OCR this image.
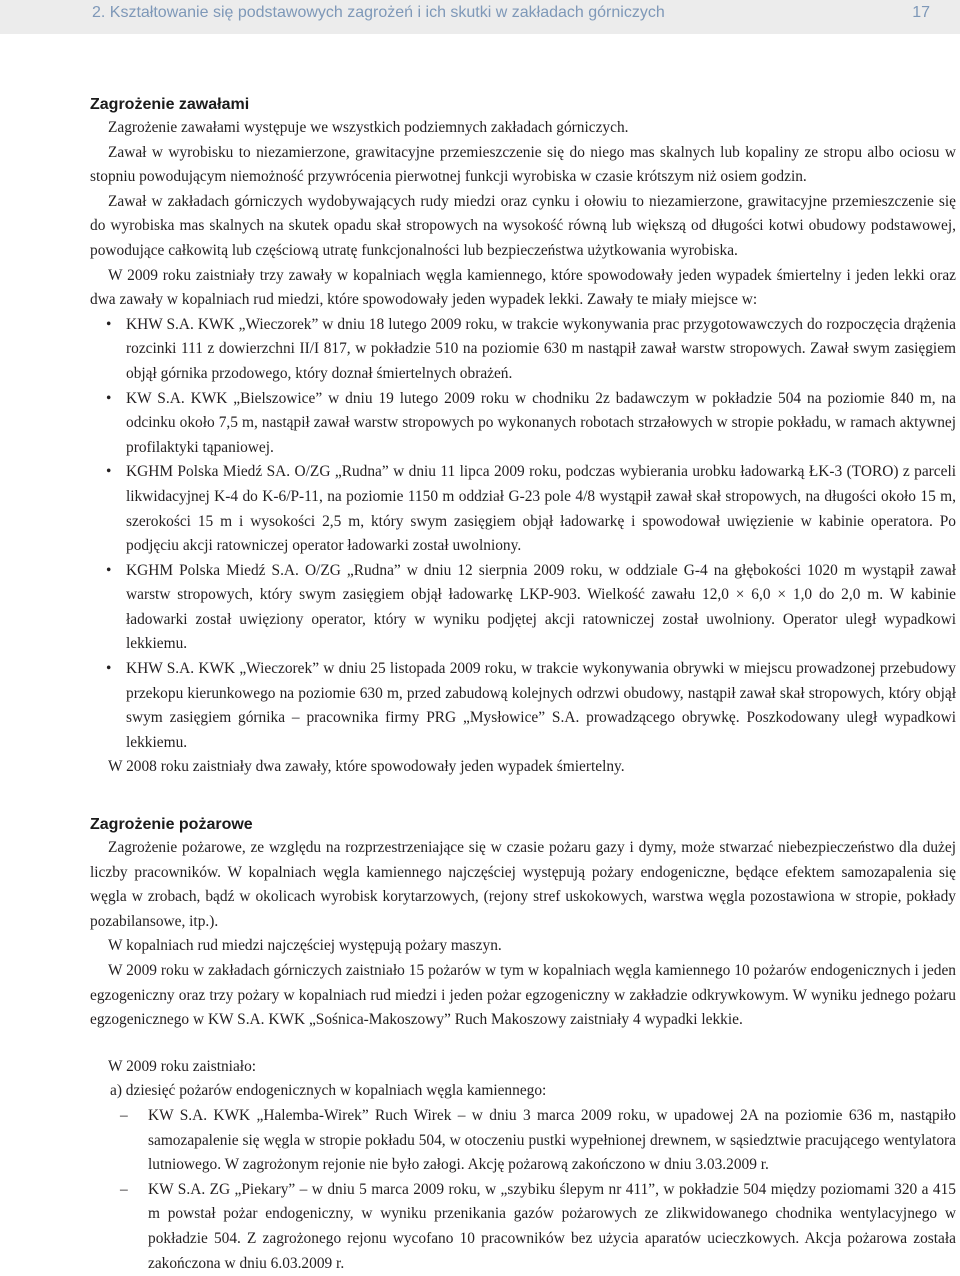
2. Kształtowanie się podstawowych zagrożeń i ich skutki w zakładach górniczych	17
Zagrożenie zawałami

Zagrożenie zawałami występuje we wszystkich podziemnych zakładach górniczych.

Zawał w wyrobisku to niezamierzone, grawitacyjne przemieszczenie się do niego mas skalnych lub kopaliny ze stropu albo ociosu w stopniu powodującym niemożność przywrócenia pierwotnej funkcji wyrobiska w czasie krótszym niż osiem godzin.

Zawał w zakładach górniczych wydobywających rudy miedzi oraz cynku i ołowiu to niezamierzone, grawitacyjne przemieszczenie się do wyrobiska mas skalnych na skutek opadu skał stropowych na wysokość równą lub większą od długości kotwi obudowy podstawowej, powodujące całkowitą lub częściową utratę funkcjonalności lub bezpieczeństwa użytkowania wyrobiska.

W 2009 roku zaistniały trzy zawały w kopalniach węgla kamiennego, które spowodowały jeden wypadek śmiertelny i jeden lekki oraz dwa zawały w kopalniach rud miedzi, które spowodowały jeden wypadek lekki. Zawały te miały miejsce w:

• KHW S.A. KWK „Wieczorek” w dniu 18 lutego 2009 roku, w trakcie wykonywania prac przygotowawczych do rozpoczęcia drążenia rozcinki 111 z dowierzchni II/I 817, w pokładzie 510 na poziomie 630 m nastąpił zawał warstw stropowych. Zawał swym zasięgiem objął górnika przodowego, który doznał śmiertelnych obrażeń.
• KW S.A. KWK „Bielszowice” w dniu 19 lutego 2009 roku w chodniku 2z badawczym w pokładzie 504 na poziomie 840 m, na odcinku około 7,5 m, nastąpił zawał warstw stropowych po wykonanych robotach strzałowych w stropie pokładu, w ramach aktywnej profilaktyki tąpaniowej.
• KGHM Polska Miedź SA. O/ZG „Rudna” w dniu 11 lipca 2009 roku, podczas wybierania urobku ładowarką ŁK-3 (TORO) z parceli likwidacyjnej K-4 do K-6/P-11, na poziomie 1150 m oddział G-23 pole 4/8 wystąpił zawał skał stropowych, na długości około 15 m, szerokości 15 m i wysokości 2,5 m, który swym zasięgiem objął ładowarkę i spowodował uwięzienie w kabinie operatora. Po podjęciu akcji ratowniczej operator ładowarki został uwolniony.
• KGHM Polska Miedź S.A. O/ZG „Rudna” w dniu 12 sierpnia 2009 roku, w oddziale G-4 na głębokości 1020 m wystąpił zawał warstw stropowych, który swym zasięgiem objął ładowarkę LKP-903. Wielkość zawału 12,0 × 6,0 × 1,0 do 2,0 m. W kabinie ładowarki został uwięziony operator, który w wyniku podjętej akcji ratowniczej został uwolniony. Operator uległ wypadkowi lekkiemu.
• KHW S.A. KWK „Wieczorek” w dniu 25 listopada 2009 roku, w trakcie wykonywania obrywki w miejscu prowadzonej przebudowy przekopu kierunkowego na poziomie 630 m, przed zabudową kolejnych odrzwi obudowy, nastąpił zawał skał stropowych, który objął swym zasięgiem górnika – pracownika firmy PRG „Mysłowice” S.A. prowadzącego obrywkę. Poszkodowany uległ wypadkowi lekkiemu.

W 2008 roku zaistniały dwa zawały, które spowodowały jeden wypadek śmiertelny.

Zagrożenie pożarowe

Zagrożenie pożarowe, ze względu na rozprzestrzeniające się w czasie pożaru gazy i dymy, może stwarzać niebezpieczeństwo dla dużej liczby pracowników. W kopalniach węgla kamiennego najczęściej występują pożary endogeniczne, będące efektem samozapalenia się węgla w zrobach, bądź w okolicach wyrobisk korytarzowych, (rejony stref uskokowych, warstwa węgla pozostawiona w stropie, pokłady pozabilansowe, itp.).

W kopalniach rud miedzi najczęściej występują pożary maszyn.

W 2009 roku w zakładach górniczych zaistniało 15 pożarów w tym w kopalniach węgla kamiennego 10 pożarów endogenicznych i jeden egzogeniczny oraz trzy pożary w kopalniach rud miedzi i jeden pożar egzogeniczny w zakładzie odkrywkowym. W wyniku jednego pożaru egzogenicznego w KW S.A. KWK „Sośnica-Makoszowy” Ruch Makoszowy zaistniały 4 wypadki lekkie.

W 2009 roku zaistniało:

a) dziesięć pożarów endogenicznych w kopalniach węgla kamiennego:

– KW S.A. KWK „Halemba-Wirek” Ruch Wirek – w dniu 3 marca 2009 roku, w upadowej 2A na poziomie 636 m, nastąpiło samozapalenie się węgla w stropie pokładu 504, w otoczeniu pustki wypełnionej drewnem, w sąsiedztwie pracującego wentylatora lutniowego. W zagrożonym rejonie nie było załogi. Akcję pożarową zakończono w dniu 3.03.2009 r.
– KW S.A. ZG „Piekary” – w dniu 5 marca 2009 roku, w „szybiku ślepym nr 411”, w pokładzie 504 między poziomami 320 a 415 m powstał pożar endogeniczny, w wyniku przenikania gazów pożarowych ze zlikwidowanego chodnika wentylacyjnego w pokładzie 504. Z zagrożonego rejonu wycofano 10 pracowników bez użycia aparatów ucieczkowych. Akcja pożarowa została zakończona w dniu 6.03.2009 r.
